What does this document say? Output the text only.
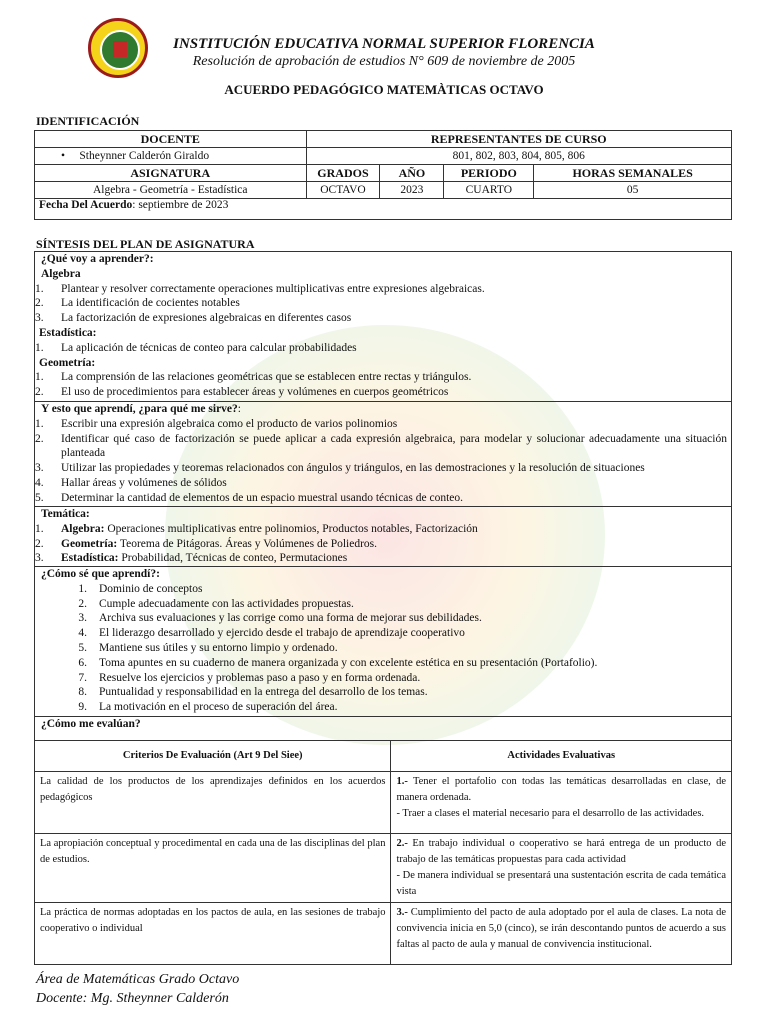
INSTITUCIÓN EDUCATIVA NORMAL SUPERIOR FLORENCIA
Resolución de aprobación de estudios N° 609 de noviembre de 2005
ACUERDO PEDAGÓGICO MATEMÀTICAS OCTAVO
IDENTIFICACIÓN
DOCENTE	REPRESENTANTES DE CURSO			
•     Stheynner Calderón Giraldo	801, 802, 803, 804, 805, 806			
ASIGNATURA	GRADOS	AÑO	PERIODO	HORAS SEMANALES
Algebra - Geometría - Estadística	OCTAVO	2023	CUARTO	05
Fecha Del Acuerdo: septiembre de 2023				
SÍNTESIS DEL PLAN DE ASIGNATURA
¿Qué voy a aprender?:
Algebra
1.	Plantear y resolver correctamente operaciones multiplicativas entre expresiones algebraicas.
2.	La identificación de cocientes notables
3.	La factorización de expresiones algebraicas en diferentes casos
Estadística:
1.	La aplicación de técnicas de conteo para calcular probabilidades
Geometría:
1.	La comprensión de las relaciones geométricas que se establecen entre rectas y triángulos.
2.	El uso de procedimientos para establecer áreas y volúmenes en cuerpos geométricos
Y esto que aprendí, ¿para qué me sirve?:
1.	Escribir una expresión algebraica como el producto de varios polinomios
2.	Identificar qué caso de factorización se puede aplicar a cada expresión algebraica, para modelar y solucionar adecuadamente una situación planteada
3.	Utilizar las propiedades y teoremas relacionados con ángulos y triángulos, en las demostraciones y la resolución de situaciones
4.	Hallar áreas y volúmenes de sólidos
5.	Determinar la cantidad de elementos de un espacio muestral usando técnicas de conteo.
Temática:
1.	Algebra: Operaciones multiplicativas entre polinomios, Productos notables, Factorización
2.	Geometría: Teorema de Pitágoras. Áreas y Volúmenes de Poliedros.
3.	Estadística: Probabilidad, Técnicas de conteo, Permutaciones
¿Cómo sé que aprendí?:
1.	Dominio de conceptos
2.	Cumple adecuadamente con las actividades propuestas.
3.	Archiva sus evaluaciones y las corrige como una forma de mejorar sus debilidades.
4.	El liderazgo desarrollado y ejercido desde el trabajo de aprendizaje cooperativo
5.	Mantiene sus útiles y su entorno limpio y ordenado.
6.	Toma apuntes en su cuaderno de manera organizada y con excelente estética en su presentación (Portafolio).
7.	Resuelve los ejercicios y problemas paso a paso y en forma ordenada.
8.	Puntualidad y responsabilidad en la entrega del desarrollo de los temas.
9.	La motivación en el proceso de superación del área.
¿Cómo me evalúan?
Criterios De Evaluación (Art 9 Del Siee)	Actividades Evaluativas
La calidad de los productos de los aprendizajes definidos en los acuerdos pedagógicos	1.- Tener el portafolio con todas las temáticas desarrolladas en clase, de manera ordenada.
- Traer a clases el material necesario para el desarrollo de las actividades.
La apropiación conceptual y procedimental en cada una de las disciplinas del plan de estudios.	2.- En trabajo individual o cooperativo se hará entrega de un producto de trabajo de las temáticas propuestas para cada actividad
- De manera individual se presentará una sustentación escrita de cada temática vista
La práctica de normas adoptadas en los pactos de aula, en las sesiones de trabajo cooperativo o individual	3.- Cumplimiento del pacto de aula adoptado por el aula de clases. La nota de convivencia inicia en 5,0 (cinco), se irán descontando puntos de acuerdo a sus faltas al pacto de aula y manual de convivencia institucional.
Área de Matemáticas Grado Octavo
Docente: Mg. Stheynner Calderón
